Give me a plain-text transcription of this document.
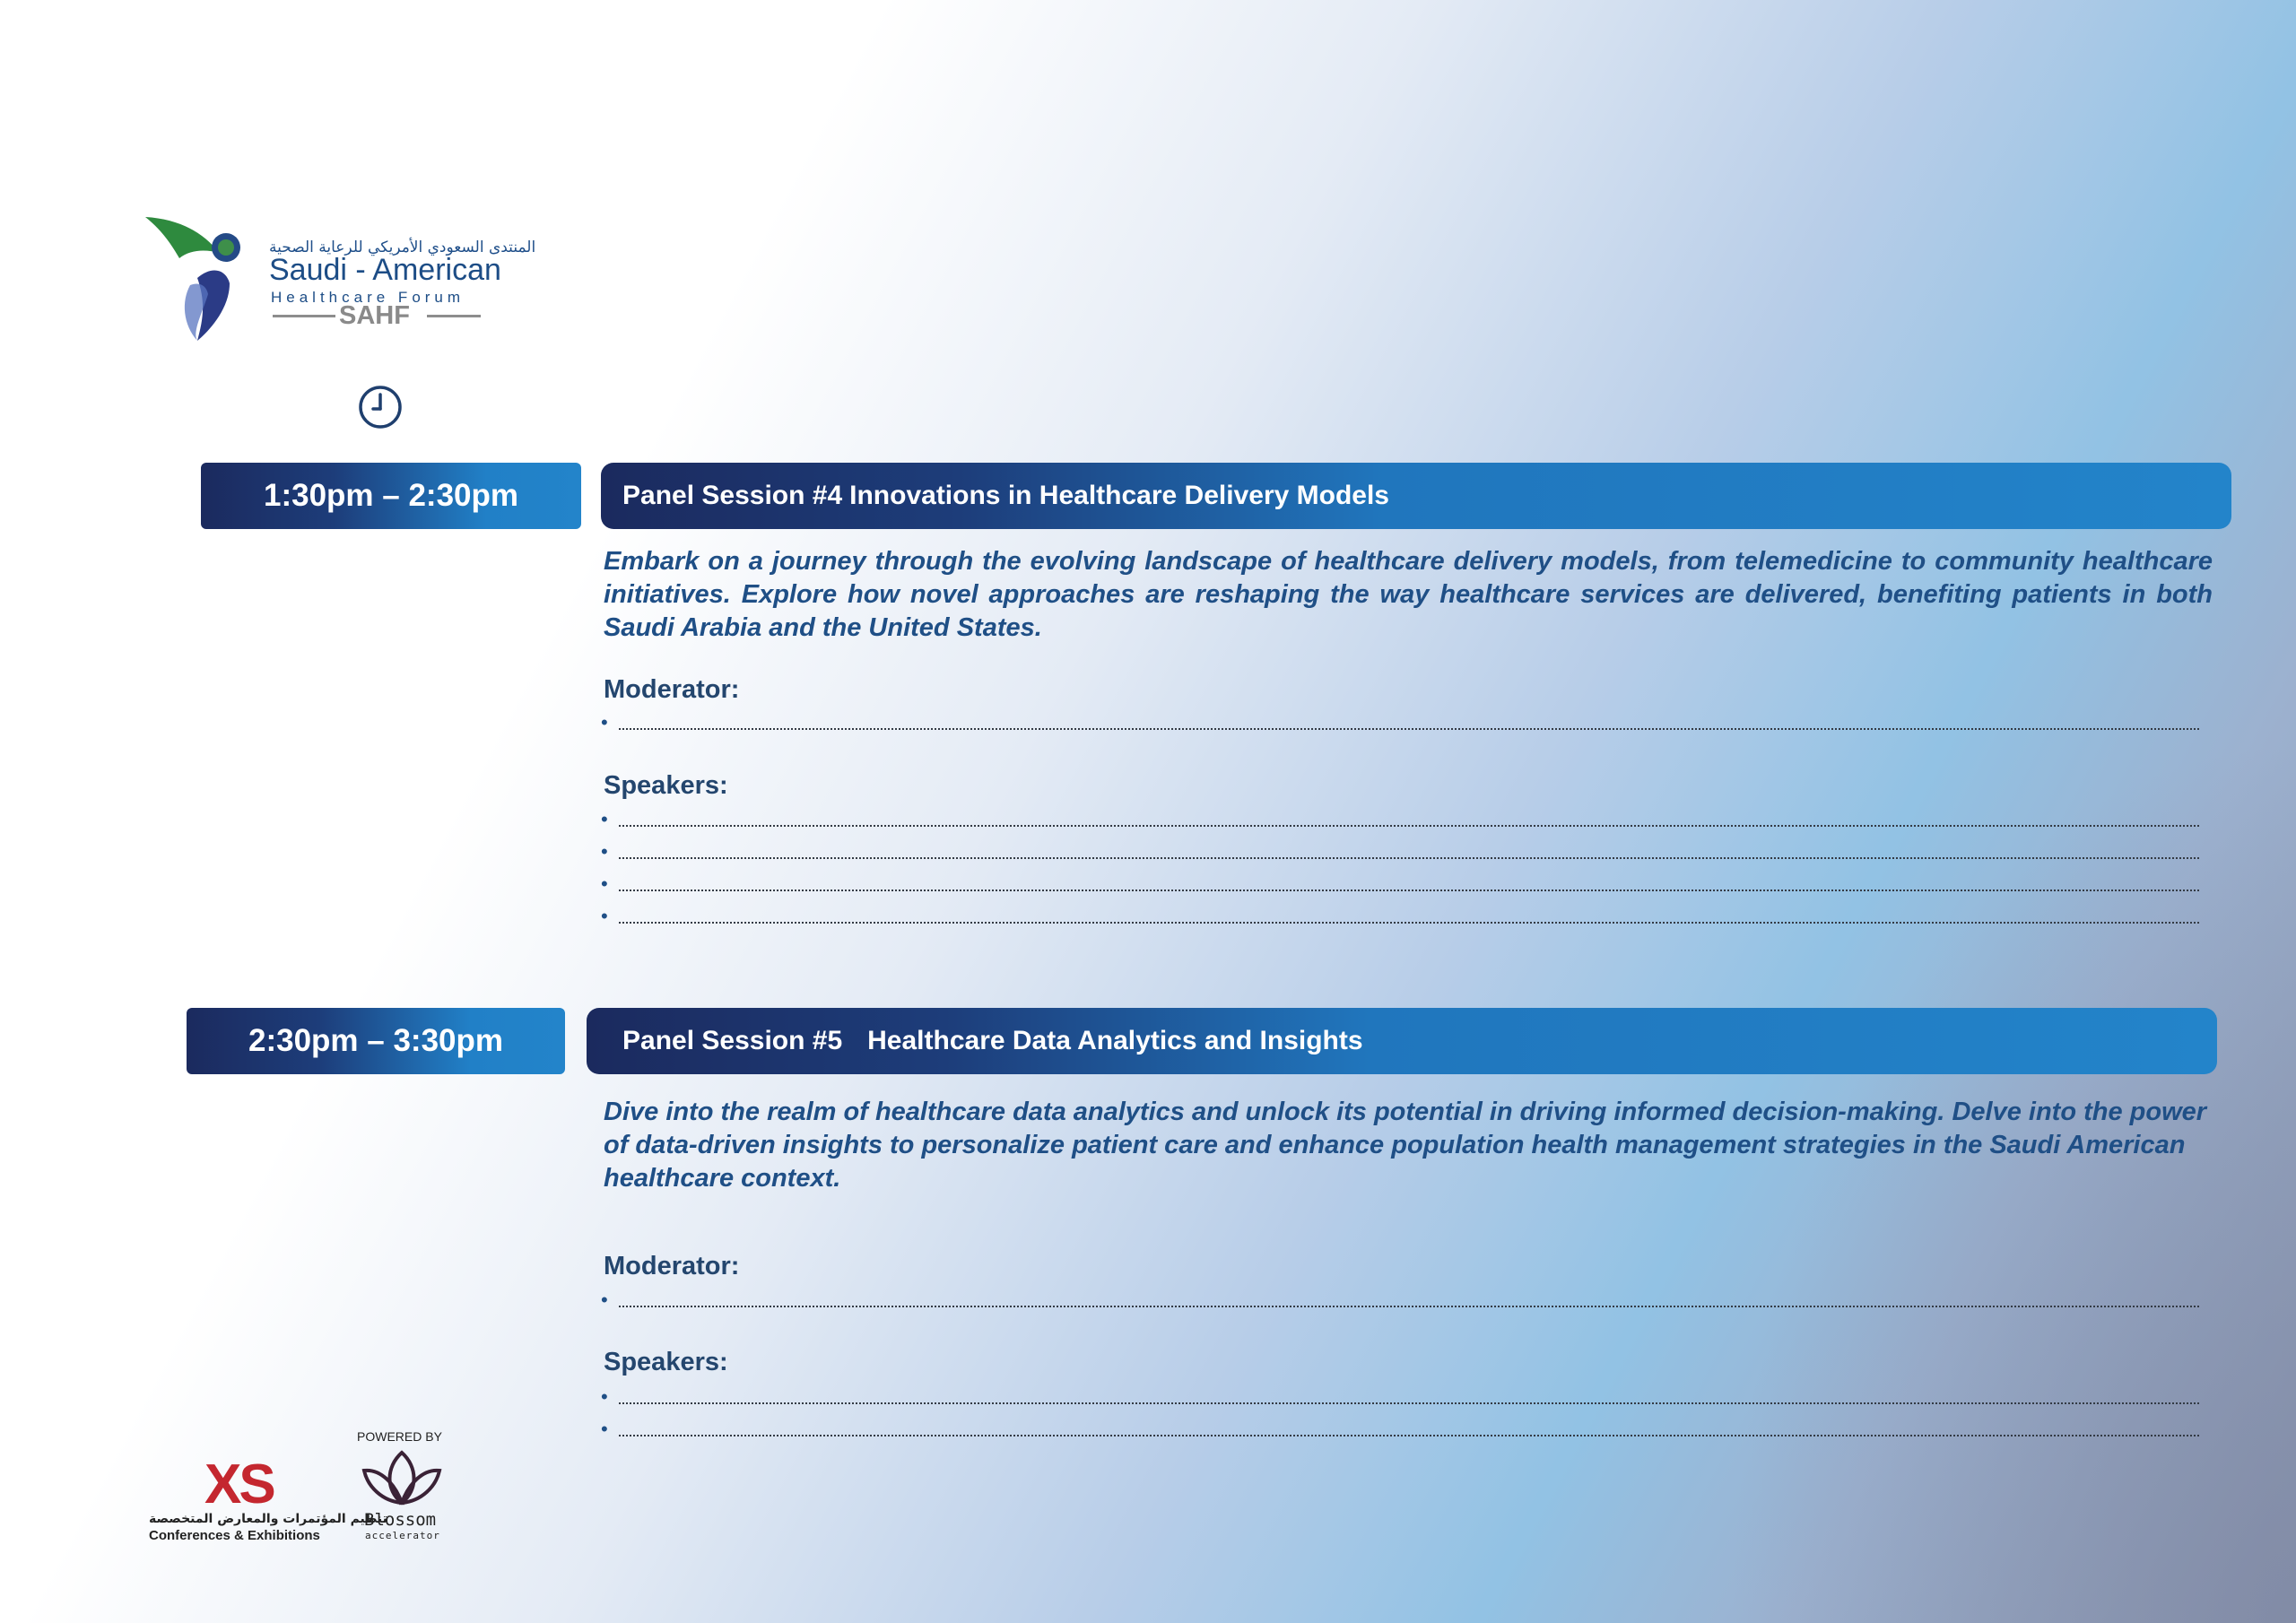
المنتدى السعودي الأمريكي للرعاية الصحية
Saudi - American
Healthcare Forum
SAHF
1:30pm – 2:30pm	Panel Session #4 Innovations in Healthcare Delivery Models

Embark on a journey through the evolving landscape of healthcare delivery models, from telemedicine to community healthcare initiatives. Explore how novel approaches are reshaping the way healthcare services are delivered, benefiting patients in both Saudi Arabia and the United States.

Moderator:
•
Speakers:
•
•
•
•
2:30pm – 3:30pm	Panel Session #5 Healthcare Data Analytics and Insights

Dive into the realm of healthcare data analytics and unlock its potential in driving informed decision-making. Delve into the power of data-driven insights to personalize patient care and enhance population health management strategies in the Saudi American healthcare context.

Moderator:
•
Speakers:
•
•
XS
تنظيم المؤتمرات والمعارض المتخصصة
Conferences & Exhibitions
POWERED BY
Blossom
accelerator
